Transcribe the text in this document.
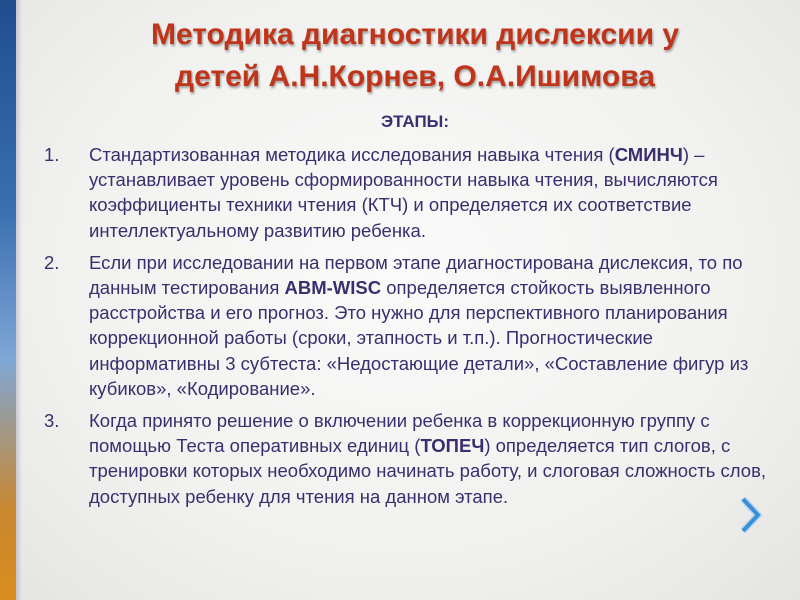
Методика диагностики дислексии у
детей А.Н.Корнев, О.А.Ишимова
ЭТАПЫ:
1. Стандартизованная методика исследования навыка чтения (СМИНЧ) – устанавливает уровень сформированности навыка чтения, вычисляются коэффициенты техники чтения (КТЧ) и определяется их соответствие интеллектуальному развитию ребенка.
2. Если при исследовании на первом этапе диагностирована дислексия, то по данным тестирования ABM-WISC определяется стойкость выявленного расстройства и его прогноз. Это нужно для перспективного планирования коррекционной работы (сроки, этапность и т.п.). Прогностические информативны 3 субтеста: «Недостающие детали», «Составление фигур из кубиков», «Кодирование».
3. Когда принято решение о включении ребенка в коррекционную группу с помощью Теста оперативных единиц (ТОПЕЧ) определяется тип слогов, с тренировки которых необходимо начинать работу, и слоговая сложность слов, доступных ребенку для чтения на данном этапе.
